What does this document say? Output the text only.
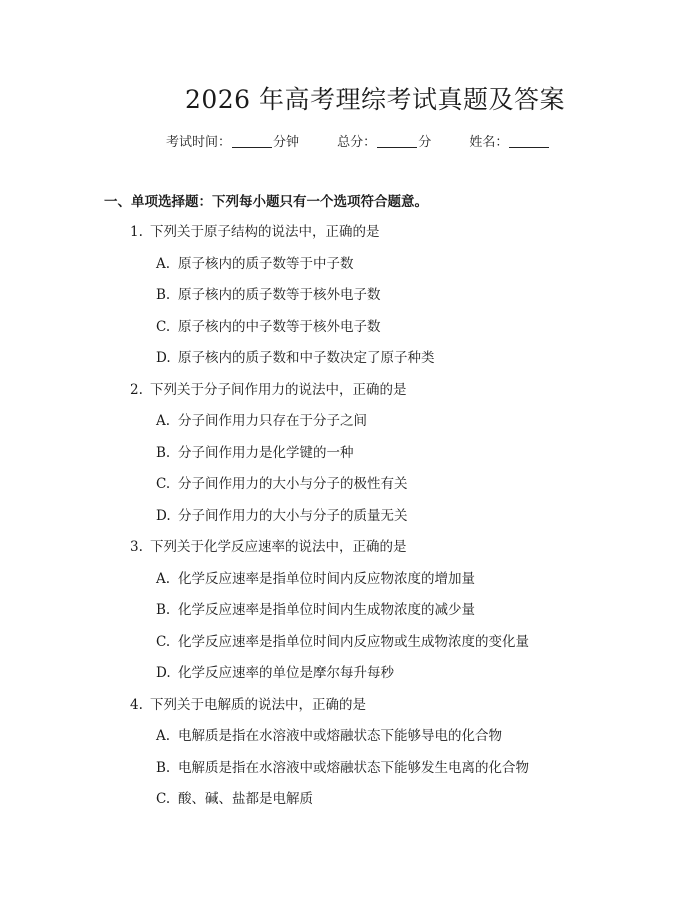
2026 年高考理综考试真题及答案
考试时间：	分钟	总分：	分	姓名：
一、单项选择题：下列每小题只有一个选项符合题意。
1. 下列关于原子结构的说法中，正确的是
A. 原子核内的质子数等于中子数
B. 原子核内的质子数等于核外电子数
C. 原子核内的中子数等于核外电子数
D. 原子核内的质子数和中子数决定了原子种类
2. 下列关于分子间作用力的说法中，正确的是
A. 分子间作用力只存在于分子之间
B. 分子间作用力是化学键的一种
C. 分子间作用力的大小与分子的极性有关
D. 分子间作用力的大小与分子的质量无关
3. 下列关于化学反应速率的说法中，正确的是
A. 化学反应速率是指单位时间内反应物浓度的增加量
B. 化学反应速率是指单位时间内生成物浓度的减少量
C. 化学反应速率是指单位时间内反应物或生成物浓度的变化量
D. 化学反应速率的单位是摩尔每升每秒
4. 下列关于电解质的说法中，正确的是
A. 电解质是指在水溶液中或熔融状态下能够导电的化合物
B. 电解质是指在水溶液中或熔融状态下能够发生电离的化合物
C. 酸、碱、盐都是电解质
